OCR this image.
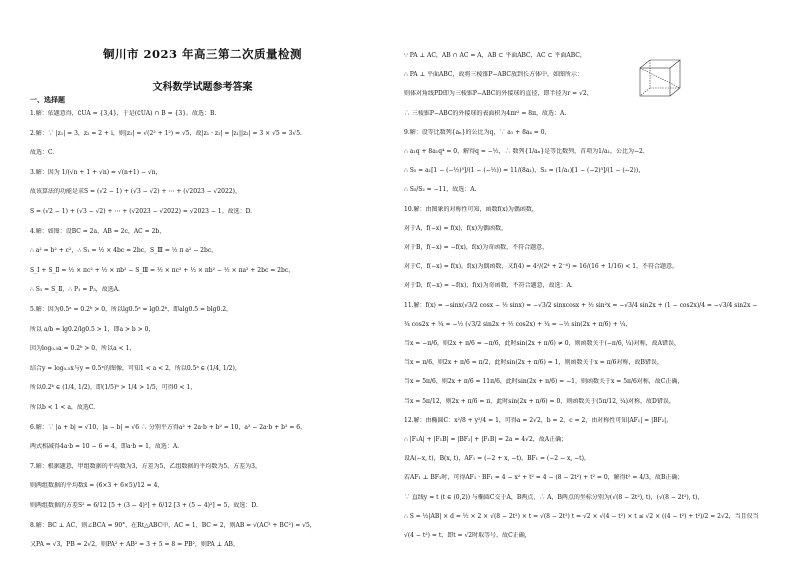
铜川市 2023 年高三第二次质量检测

文科数学试题参考答案

一、选择题
1.解：依题意得，∁UA = {3,4}，于是(∁UA) ∩ B = {3}。故选：B.
2.解：∵ |z₁| = 3，z₂ = 2 + i，则|z₂| = √(2² + 1²) = √5，故|z₁ · z₂| = |z₁||z₂| = 3 × √5 = 3√5.
故选：C.
3.解：因为 1/(√n + 1 + √n) = √(n+1) − √n，
故该算法的功能是求S = (√2 − 1) + (√3 − √2) + ⋯ + (√2023 − √2022)，
S = (√2 − 1) + (√3 − √2) + ⋯ + (√2023 − √2022) = √2023 − 1。故选：D.
4.解：如图：设BC = 2a，AB = 2c，AC = 2b，
∴ a² = b² + c²，∴ S₁ = ½ × 4bc = 2bc，S_Ⅲ = ½ π a² − 2bc，
S_Ⅰ + S_Ⅱ = ½ × πc² + ½ × πb² − S_Ⅲ = ½ × πc² + ½ × πb² − ½ × πa² + 2bc = 2bc，
∴ S₁ = S_Ⅱ，∴ P₁ = P₃，故选A.
5.解：因为0.5ᵃ = 0.2ᵇ > 0，所以lg0.5ᵃ = lg0.2ᵇ，即alg0.5 = blg0.2，
所以 a/b = lg0.2/lg0.5 > 1，即a > b > 0，
因为log₀.₅a = 0.2ᵇ > 0，所以a < 1，
结合y = log₀.₅x与y = 0.5ˣ的图像，可知1 < a < 2，所以0.5ᵃ ∈ (1/4, 1/2)，
所以0.2ᵇ ∈ (1/4, 1/2)，即(1/5)ᵇ > 1/4 > 1/5，可得0 < 1，
所以b < 1 < a，故选C.
6.解：∵ |a + b| = √10，|a − b| = √6 ∴ 分别平方得a² + 2a·b + b² = 10，a² − 2a·b + b² = 6，
两式相减得4a·b = 10 − 6 = 4，即a·b = 1，故选：A.
7.解：根据题意，甲组数据的平均数为3，方差为5，乙组数据的平均数为5，方差为3，
则两组数据的平均数x̄ = (6×3 + 6×5)/12 = 4，
则两组数据的方差S² = 6/12 [5 + (3 − 4)²] + 6/12 [3 + (5 − 4)²] = 5，故选：D.
8.解：BC ⊥ AC，则∠BCA = 90°，在Rt△ABC中，AC = 1，BC = 2，则AB = √(AC² + BC²) = √5，
又PA = √3，PB = 2√2，则PA² + AB² = 3 + 5 = 8 = PB²，则PA ⊥ AB，
∵ PA ⊥ AC，AB ∩ AC = A，AB ⊂ 平面ABC，AC ⊂ 平面ABC，
∴ PA ⊥ 平面ABC，故将三棱锥P−ABC放到长方体中，如图所示：
则体对角线PD即为三棱锥P−ABC的外接球的直径，即半径为r = √2，
∴ 三棱锥P−ABC的外接球的表面积为4πr² = 8π，故选：A.
9.解：设等比数列{aₙ}的公比为q，∵ a₁ + 8a₄ = 0，
∴ a₁q + 8a₁q⁴ = 0，解得q = −½，∴ 数列{1/aₙ}是等比数列，首项为1/a₁，公比为−2.
∴ S₅ = a₁[1 − (−½)⁵]/(1 − (−½)) = 11/(8a₁)，S₂ = (1/a₁)[1 − (−2)⁵]/(1 − (−2))，
∴ S₅/S₂ = −11，故选：A.
10.解：由图象的对称性可知，函数f(x)为偶函数，
对于A，f(−x) = f(x)，f(x)为偶函数，
对于B，f(−x) = −f(x)，f(x)为奇函数，不符合题意，
对于C，f(−x) = f(x)，f(x)为偶函数，又f(4) = 4²/(2⁴ + 2⁻⁴) = 16/(16 + 1/16) < 1，不符合题意，
对于D，f(−x) = −f(x)，f(x)为奇函数，不符合题意，故选：A.
11.解：f(x) = −sinx(√3/2 cosx − ½ sinx) = −√3/2 sinxcosx + ½ sin²x = −√3/4 sin2x + (1 − cos2x)/4 = −√3/4 sin2x −
¼ cos2x + ¼ = −½ (√3/2 sin2x + ½ cos2x) + ¼ = −½ sin(2x + π/6) + ¼，
当x = −π/6，则2x + π/6 = −π/6，此时sin(2x + π/6) ≠ 0，则函数关于(−π/6, ¼)对称，故A错误，
当x = π/6，则2x + π/6 = π/2，此时sin(2x + π/6) = 1，则函数关于x = π/6对称，故B错误，
当x = 5π/6，则2x + π/6 = 11π/6，此时sin(2x + π/6) = −1，则函数关于x = 5π/6对称，故C正确，
当x = 5π/12，则2x + π/6 = π，此时sin(2x + π/6) = 0，则函数关于(5π/12, ¼)对称，故D错误，
12.解：由椭圆C：x²/8 + y²/4 = 1，可得a = 2√2，b = 2，c = 2，由对称性可知|AF₁| = |BF₂|，
∴ |F₁A| + |F₁B| = |BF₂| + |F₁B| = 2a = 4√2，故A正确；
设A(−x, t)，B(x, t)，AF₁ = (−2 + x, −t)，BF₁ = (−2 − x, −t)，
若AF₁ ⊥ BF₁时，可得AF₁ · BF₁ = 4 − x² + t² = 4 − (8 − 2t²) + t² = 0，解得t² = 4/3，故B正确；
∵ 直线y = t (t ∈ (0,2)) 与椭圆C交于A，B两点，∴ A，B两点的坐标分别为(√(8 − 2t²), t)，(√(8 − 2t²), t)，
∴ S = ½|AB| × d = ½ × 2 × √(8 − 2t²) × t = √(8 − 2t²) t = √2 × √(4 − t²) × t ≤ √2 × ((4 − t²) + t²)/2 = 2√2，当且仅当
√(4 − t²) = t，即t = √2时取等号，故C正确，
